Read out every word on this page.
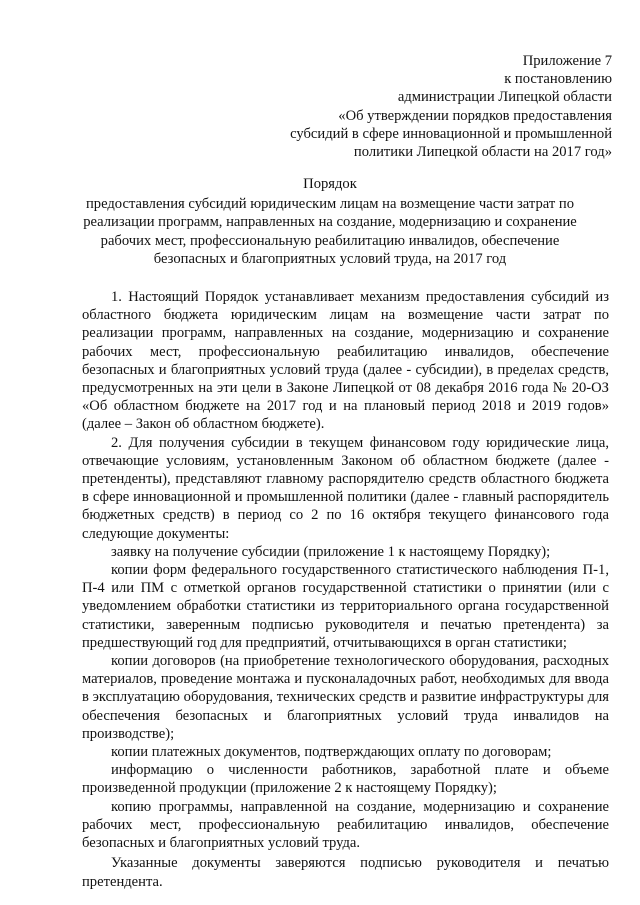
Приложение 7
к постановлению
администрации Липецкой области
«Об утверждении порядков предоставления
субсидий в сфере инновационной и промышленной
политики Липецкой области на 2017 год»
Порядок
предоставления субсидий юридическим лицам на возмещение части затрат по
реализации программ, направленных на создание, модернизацию и сохранение
рабочих мест, профессиональную реабилитацию инвалидов, обеспечение
безопасных и благоприятных условий труда, на 2017 год

1. Настоящий Порядок устанавливает механизм предоставления субсидий из областного бюджета юридическим лицам на возмещение части затрат по реализации программ, направленных на создание, модернизацию и сохранение рабочих мест, профессиональную реабилитацию инвалидов, обеспечение безопасных и благоприятных условий труда (далее - субсидии), в пределах средств, предусмотренных на эти цели в Законе Липецкой от 08 декабря 2016 года № 20-ОЗ «Об областном бюджете на 2017 год и на плановый период 2018 и 2019 годов» (далее – Закон об областном бюджете).

2. Для получения субсидии в текущем финансовом году юридические лица, отвечающие условиям, установленным Законом об областном бюджете (далее - претенденты), представляют главному распорядителю средств областного бюджета в сфере инновационной и промышленной политики (далее - главный распорядитель бюджетных средств) в период со 2 по 16 октября текущего финансового года следующие документы:

заявку на получение субсидии (приложение 1 к настоящему Порядку);

копии форм федерального государственного статистического наблюдения П-1, П-4 или ПМ с отметкой органов государственной статистики о принятии (или с уведомлением обработки статистики из территориального органа государственной статистики, заверенным подписью руководителя и печатью претендента) за предшествующий год для предприятий, отчитывающихся в орган статистики;

копии договоров (на приобретение технологического оборудования, расходных материалов, проведение монтажа и пусконаладочных работ, необходимых для ввода в эксплуатацию оборудования, технических средств и развитие инфраструктуры для обеспечения безопасных и благоприятных условий труда инвалидов на производстве);

копии платежных документов, подтверждающих оплату по договорам;

информацию о численности работников, заработной плате и объеме произведенной продукции (приложение 2 к настоящему Порядку);

копию программы, направленной на создание, модернизацию и сохранение рабочих мест, профессиональную реабилитацию инвалидов, обеспечение безопасных и благоприятных условий труда.

Указанные документы заверяются подписью руководителя и печатью претендента.
